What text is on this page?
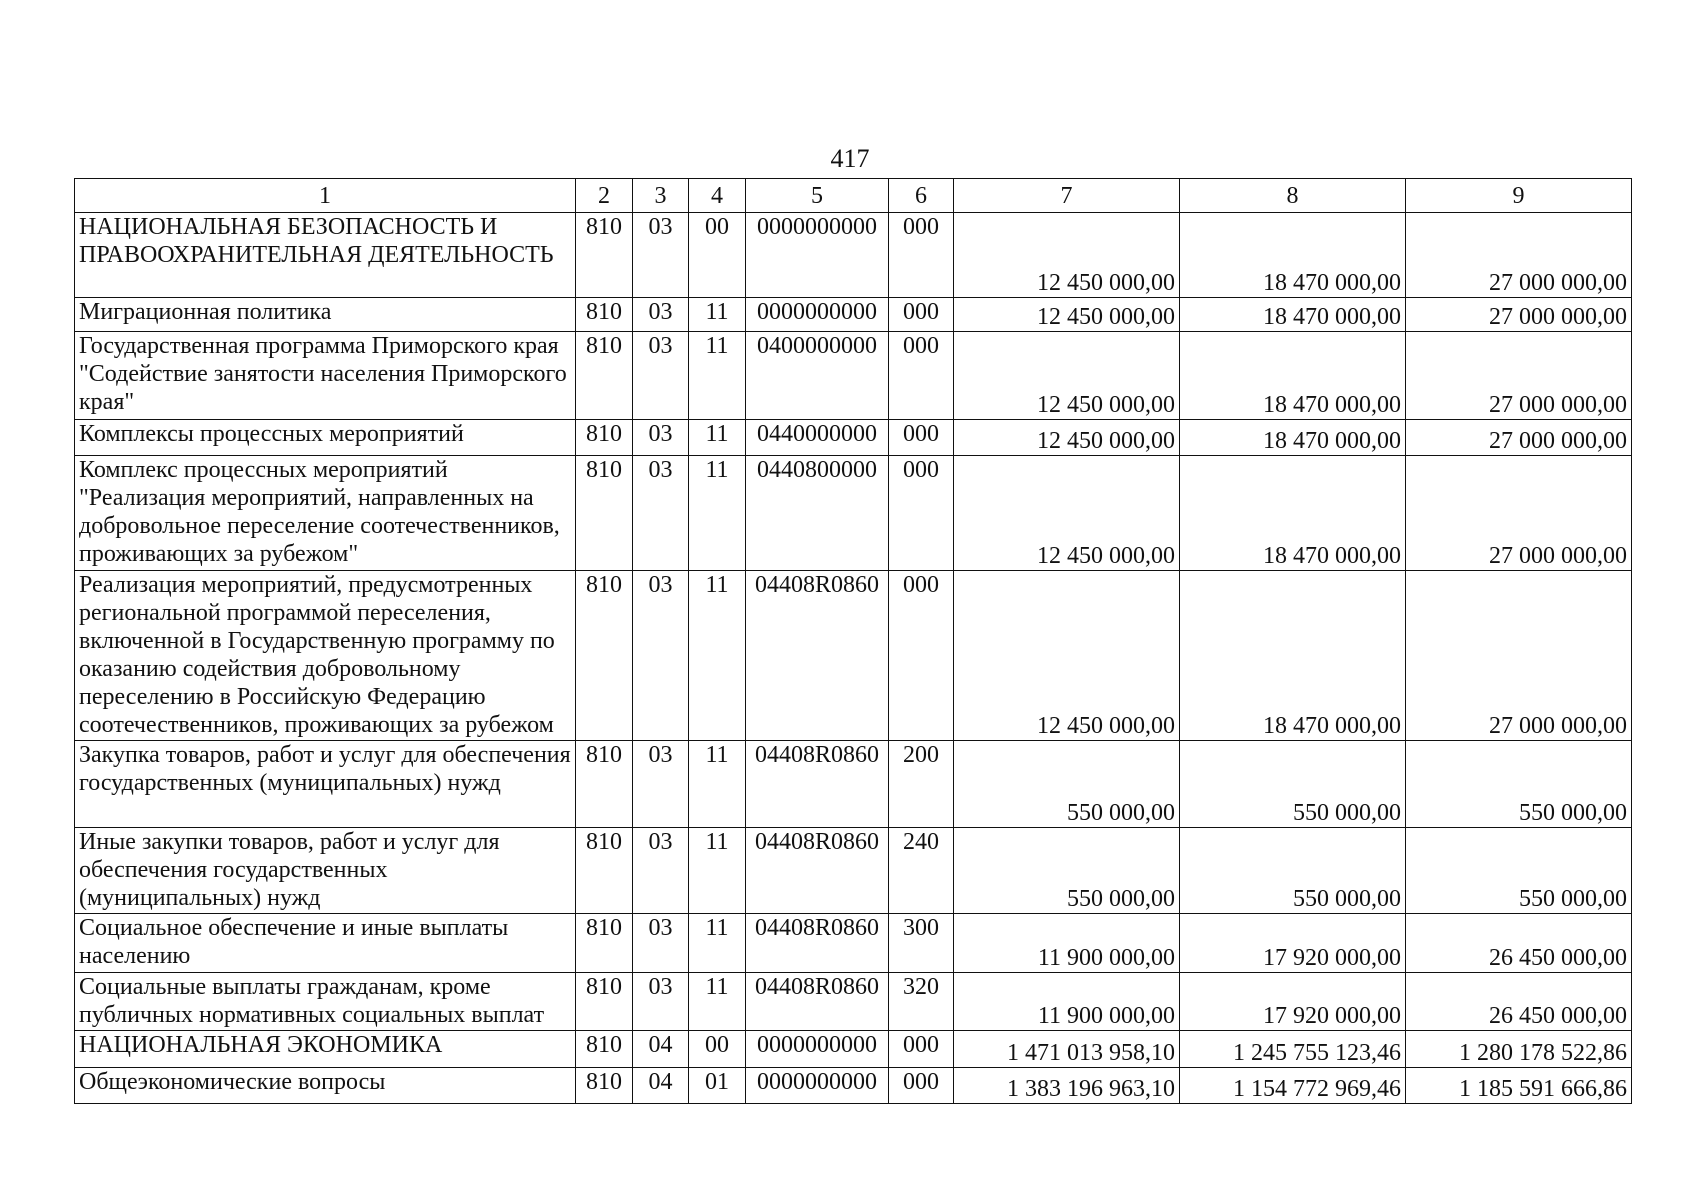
417
1	2	3	4	5	6	7	8	9
НАЦИОНАЛЬНАЯ БЕЗОПАСНОСТЬ И ПРАВООХРАНИТЕЛЬНАЯ ДЕЯТЕЛЬНОСТЬ	810	03	00	0000000000	000	12 450 000,00	18 470 000,00	27 000 000,00
Миграционная политика	810	03	11	0000000000	000	12 450 000,00	18 470 000,00	27 000 000,00
Государственная программа Приморского края "Содействие занятости населения Приморского края"	810	03	11	0400000000	000	12 450 000,00	18 470 000,00	27 000 000,00
Комплексы процессных мероприятий	810	03	11	0440000000	000	12 450 000,00	18 470 000,00	27 000 000,00
Комплекс процессных мероприятий "Реализация мероприятий, направленных на добровольное переселение соотечественников, проживающих за рубежом"	810	03	11	0440800000	000	12 450 000,00	18 470 000,00	27 000 000,00
Реализация мероприятий, предусмотренных региональной программой переселения, включенной в Государственную программу по оказанию содействия добровольному переселению в Российскую Федерацию соотечественников, проживающих за рубежом	810	03	11	04408R0860	000	12 450 000,00	18 470 000,00	27 000 000,00
Закупка товаров, работ и услуг для обеспечения государственных (муниципальных) нужд	810	03	11	04408R0860	200	550 000,00	550 000,00	550 000,00
Иные закупки товаров, работ и услуг для обеспечения государственных (муниципальных) нужд	810	03	11	04408R0860	240	550 000,00	550 000,00	550 000,00
Социальное обеспечение и иные выплаты населению	810	03	11	04408R0860	300	11 900 000,00	17 920 000,00	26 450 000,00
Социальные выплаты гражданам, кроме публичных нормативных социальных выплат	810	03	11	04408R0860	320	11 900 000,00	17 920 000,00	26 450 000,00
НАЦИОНАЛЬНАЯ ЭКОНОМИКА	810	04	00	0000000000	000	1 471 013 958,10	1 245 755 123,46	1 280 178 522,86
Общеэкономические вопросы	810	04	01	0000000000	000	1 383 196 963,10	1 154 772 969,46	1 185 591 666,86
